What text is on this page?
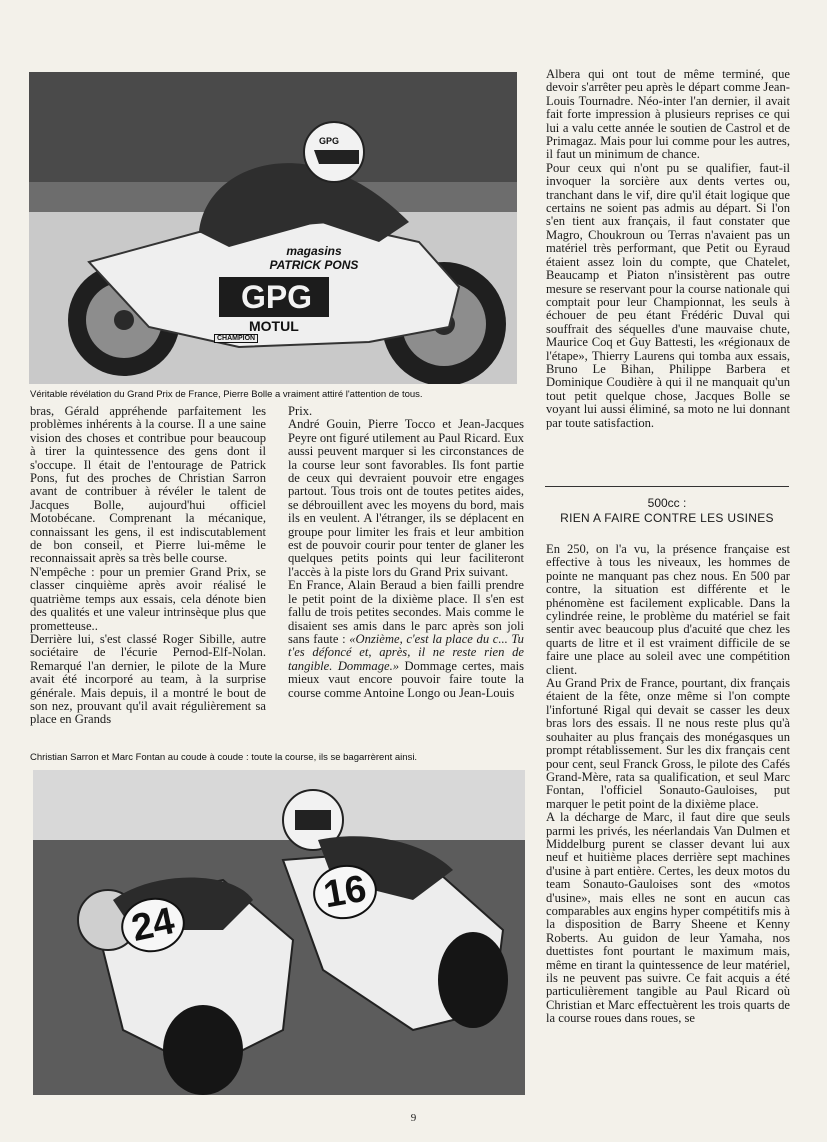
magasins PATRICK PONS
GPG
MOTUL
CHAMPION
GPG
Véritable révélation du Grand Prix de France, Pierre Bolle a vraiment attiré l'attention de tous.

bras, Gérald appréhende parfaitement les problèmes inhérents à la course. Il a une saine vision des choses et contribue pour beaucoup à tirer la quintessence des gens dont il s'occupe. Il était de l'entourage de Patrick Pons, fut des proches de Christian Sarron avant de contribuer à révéler le talent de Jacques Bolle, aujourd'hui officiel Motobécane. Comprenant la mécanique, connaissant les gens, il est indiscutablement de bon conseil, et Pierre lui-même le reconnaissait après sa très belle course.

N'empêche : pour un premier Grand Prix, se classer cinquième après avoir réalisé le quatrième temps aux essais, cela dénote bien des qualités et une valeur intrinsèque plus que prometteuse..

Derrière lui, s'est classé Roger Sibille, autre sociétaire de l'écurie Pernod-Elf-Nolan. Remarqué l'an dernier, le pilote de la Mure avait été incorporé au team, à la surprise générale. Mais depuis, il a montré le bout de son nez, prouvant qu'il avait régulièrement sa place en Grands

Prix.

André Gouin, Pierre Tocco et Jean-Jacques Peyre ont figuré utilement au Paul Ricard. Eux aussi peuvent marquer si les circonstances de la course leur sont favorables. Ils font partie de ceux qui devraient pouvoir etre engages partout. Tous trois ont de toutes petites aides, se débrouillent avec les moyens du bord, mais ils en veulent. A l'étranger, ils se déplacent en groupe pour limiter les frais et leur ambition est de pouvoir courir pour tenter de glaner les quelques petits points qui leur faciliteront l'accès à la piste lors du Grand Prix suivant.

En France, Alain Beraud a bien failli prendre le petit point de la dixième place. Il s'en est fallu de trois petites secondes. Mais comme le disaient ses amis dans le parc après son joli sans faute : «Onzième, c'est la place du c... Tu t'es défoncé et, après, il ne reste rien de tangible. Dommage.» Dommage certes, mais mieux vaut encore pouvoir faire toute la course comme Antoine Longo ou Jean-Louis

Christian Sarron et Marc Fontan au coude à coude : toute la course, ils se bagarrèrent ainsi.
24
16

Albera qui ont tout de même terminé, que devoir s'arrêter peu après le départ comme Jean-Louis Tournadre. Néo-inter l'an dernier, il avait fait forte impression à plusieurs reprises ce qui lui a valu cette année le soutien de Castrol et de Primagaz. Mais pour lui comme pour les autres, il faut un minimum de chance.

Pour ceux qui n'ont pu se qualifier, faut-il invoquer la sorcière aux dents vertes ou, tranchant dans le vif, dire qu'il était logique que certains ne soient pas admis au départ. Si l'on s'en tient aux français, il faut constater que Magro, Choukroun ou Terras n'avaient pas un matériel très performant, que Petit ou Eyraud étaient assez loin du compte, que Chatelet, Beaucamp et Piaton n'insistèrent pas outre mesure se reservant pour la course nationale qui comptait pour leur Championnat, les seuls à échouer de peu étant Frédéric Duval qui souffrait des séquelles d'une mauvaise chute, Maurice Coq et Guy Battesti, les «régionaux de l'étape», Thierry Laurens qui tomba aux essais, Bruno Le Bihan, Philippe Barbera et Dominique Coudière à qui il ne manquait qu'un tout petit quelque chose, Jacques Bolle se voyant lui aussi éliminé, sa moto ne lui donnant par toute satisfaction.

500cc :
RIEN A FAIRE CONTRE LES USINES

En 250, on l'a vu, la présence française est effective à tous les niveaux, les hommes de pointe ne manquant pas chez nous. En 500 par contre, la situation est différente et le phénomène est facilement explicable. Dans la cylindrée reine, le problème du matériel se fait sentir avec beaucoup plus d'acuité que chez les quarts de litre et il est vraiment difficile de se faire une place au soleil avec une compétition client.

Au Grand Prix de France, pourtant, dix français étaient de la fête, onze même si l'on compte l'infortuné Rigal qui devait se casser les deux bras lors des essais. Il ne nous reste plus qu'à souhaiter au plus français des monégasques un prompt rétablissement. Sur les dix français cent pour cent, seul Franck Gross, le pilote des Cafés Grand-Mère, rata sa qualification, et seul Marc Fontan, l'officiel Sonauto-Gauloises, put marquer le petit point de la dixième place.

A la décharge de Marc, il faut dire que seuls parmi les privés, les néerlandais Van Dulmen et Middelburg purent se classer devant lui aux neuf et huitième places derrière sept machines d'usine à part entière. Certes, les deux motos du team Sonauto-Gauloises sont des «motos d'usine», mais elles ne sont en aucun cas comparables aux engins hyper compétitifs mis à la disposition de Barry Sheene et Kenny Roberts. Au guidon de leur Yamaha, nos duettistes font pourtant le maximum mais, même en tirant la quintessence de leur matériel, ils ne peuvent pas suivre. Ce fait acquis a été particulièrement tangible au Paul Ricard où Christian et Marc effectuèrent les trois quarts de la course roues dans roues, se

9
